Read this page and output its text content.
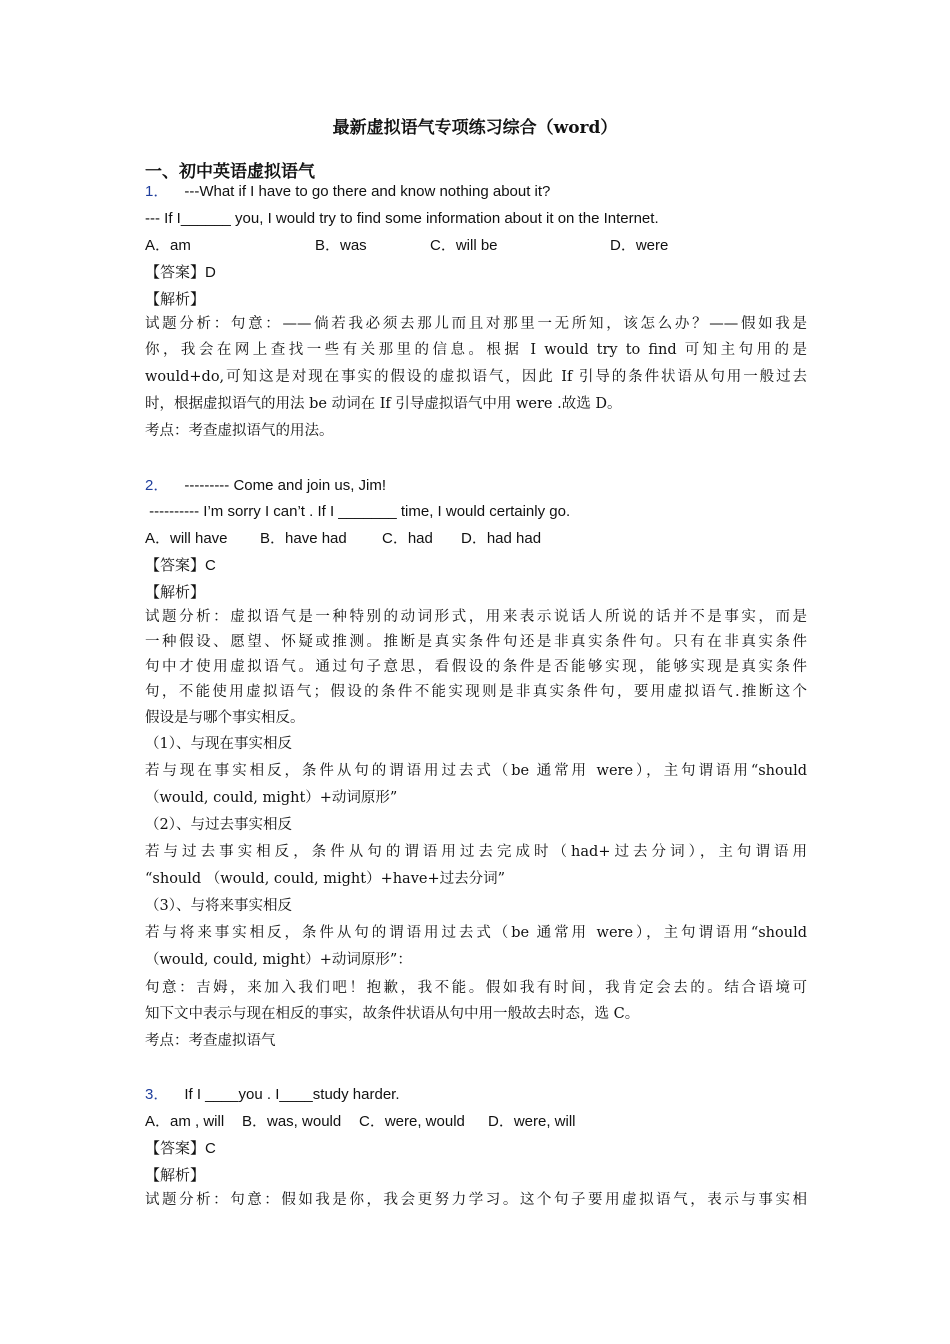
最新虚拟语气专项练习综合（word）
一、初中英语虚拟语气
1． ---What if I have to go there and know nothing about it?
--- If I______ you, I would try to find some information about it on the Internet.
A．am	B．was	C．will be	D．were
【答案】D
【解析】
试题分析：句意：——倘若我必须去那儿而且对那里一无所知，该怎么办？——假如我是
你，我会在网上查找一些有关那里的信息。根据 I would try to find 可知主句用的是
would+do,可知这是对现在事实的假设的虚拟语气，因此 If 引导的条件状语从句用一般过去
时，根据虚拟语气的用法 be 动词在 If 引导虚拟语气中用 were .故选 D。
考点：考查虚拟语气的用法。
2． --------- Come and join us, Jim!
---------- I’m sorry I can’t . If I _______ time, I would certainly go.
A．will have B．have had C．had D．had had
【答案】C
【解析】
试题分析：虚拟语气是一种特别的动词形式，用来表示说话人所说的话并不是事实，而是
一种假设、愿望、怀疑或推测。推断是真实条件句还是非真实条件句。只有在非真实条件
句中才使用虚拟语气。通过句子意思，看假设的条件是否能够实现，能够实现是真实条件
句，不能使用虚拟语气；假设的条件不能实现则是非真实条件句，要用虚拟语气.推断这个
假设是与哪个事实相反。
（1）、与现在事实相反
若与现在事实相反，条件从句的谓语用过去式（be 通常用 were），主句谓语用“should
（would, could, might）+动词原形”
（2）、与过去事实相反
若与过去事实相反，条件从句的谓语用过去完成时（had+过去分词），主句谓语用
“should （would, could, might）+have+过去分词”
（3）、与将来事实相反
若与将来事实相反，条件从句的谓语用过去式（be 通常用 were），主句谓语用“should
（would, could, might）+动词原形”：
句意：吉姆，来加入我们吧！抱歉，我不能。假如我有时间，我肯定会去的。结合语境可
知下文中表示与现在相反的事实，故条件状语从句中用一般故去时态，选 C。
考点：考查虚拟语气
3． If I ____you . I____study harder.
A．am , will B．was, would C．were, would D．were, will
【答案】C
【解析】
试题分析：句意：假如我是你，我会更努力学习。这个句子要用虚拟语气，表示与事实相
